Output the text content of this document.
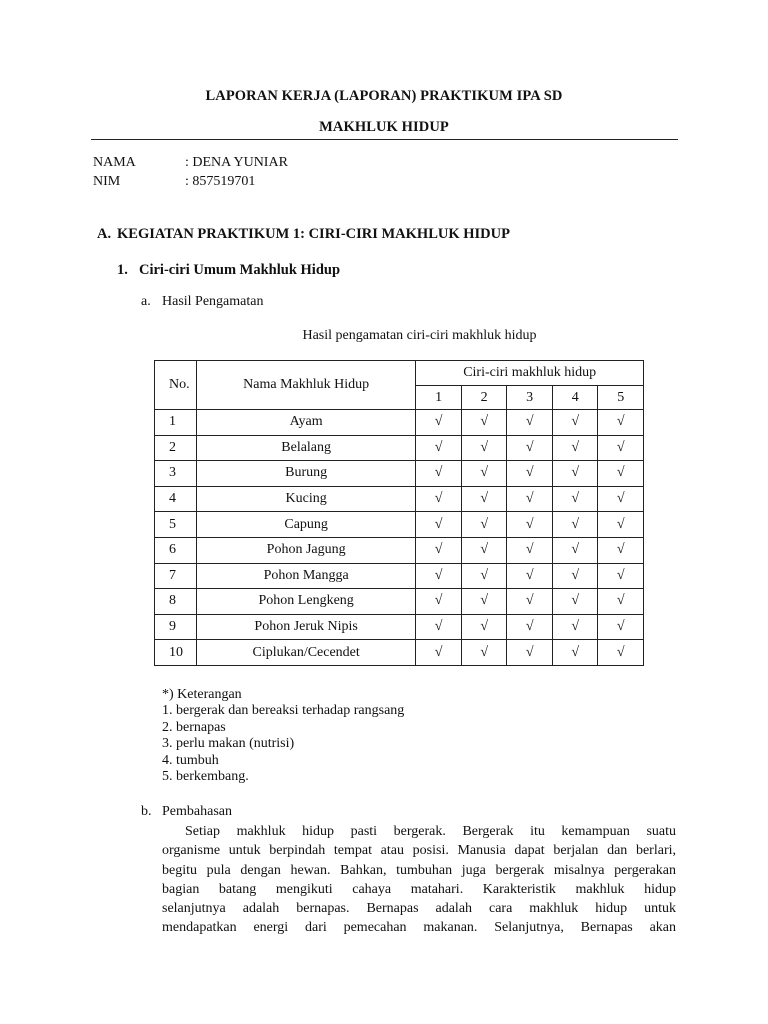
LAPORAN KERJA (LAPORAN) PRAKTIKUM IPA SD
MAKHLUK HIDUP
NAMA	: DENA YUNIAR
NIM	: 857519701
A. KEGIATAN PRAKTIKUM 1: CIRI-CIRI MAKHLUK HIDUP
1. Ciri-ciri Umum Makhluk Hidup
a. Hasil Pengamatan
Hasil pengamatan ciri-ciri makhluk hidup
No.	Nama Makhluk Hidup	Ciri-ciri makhluk hidup				
		1	2	3	4	5
1	Ayam	√	√	√	√	√
2	Belalang	√	√	√	√	√
3	Burung	√	√	√	√	√
4	Kucing	√	√	√	√	√
5	Capung	√	√	√	√	√
6	Pohon Jagung	√	√	√	√	√
7	Pohon Mangga	√	√	√	√	√
8	Pohon Lengkeng	√	√	√	√	√
9	Pohon Jeruk Nipis	√	√	√	√	√
10	Ciplukan/Cecendet	√	√	√	√	√
*) Keterangan
1. bergerak dan bereaksi terhadap rangsang
2. bernapas
3. perlu makan (nutrisi)
4. tumbuh
5. berkembang.
b. Pembahasan
Setiap makhluk hidup pasti bergerak. Bergerak itu kemampuan suatu
organisme untuk berpindah tempat atau posisi. Manusia dapat berjalan dan berlari,
begitu pula dengan hewan. Bahkan, tumbuhan juga bergerak misalnya pergerakan
bagian batang mengikuti cahaya matahari. Karakteristik makhluk hidup
selanjutnya adalah bernapas. Bernapas adalah cara makhluk hidup untuk
mendapatkan energi dari pemecahan makanan. Selanjutnya, Bernapas akan
